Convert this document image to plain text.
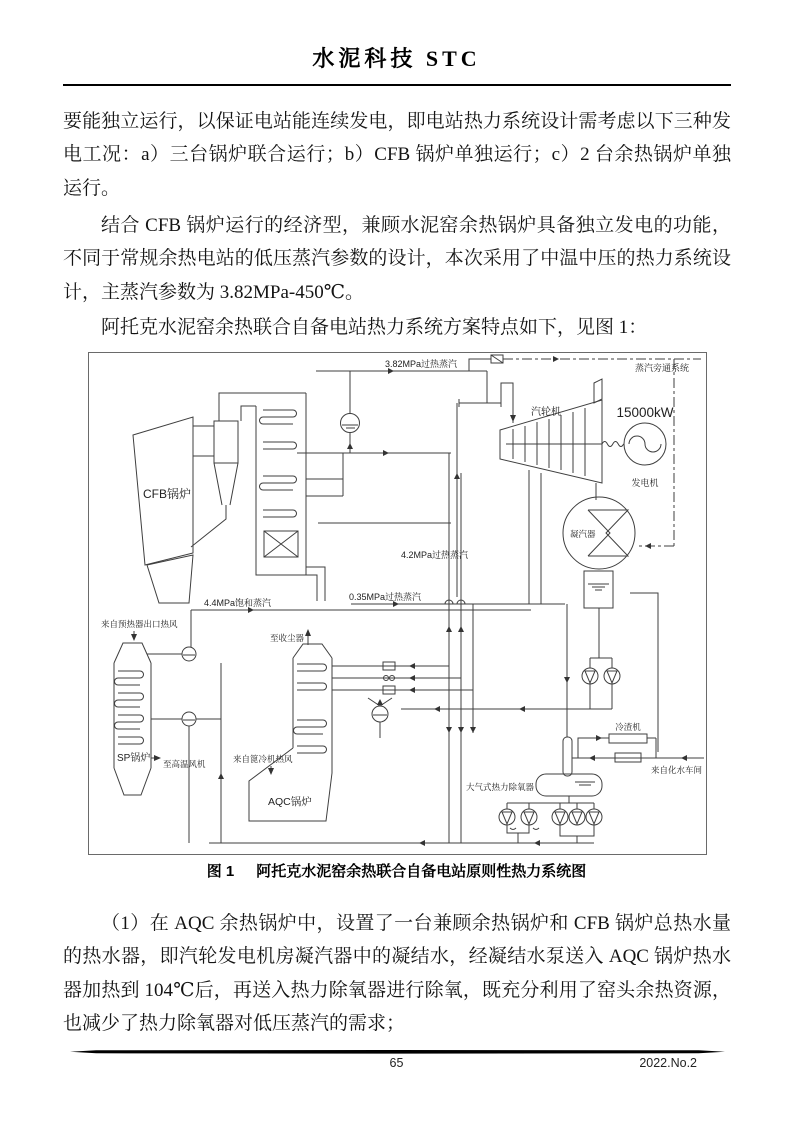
水泥科技 STC

要能独立运行，以保证电站能连续发电，即电站热力系统设计需考虑以下三种发电工况：a）三台锅炉联合运行；b）CFB 锅炉单独运行；c）2 台余热锅炉单独运行。

结合 CFB 锅炉运行的经济型，兼顾水泥窑余热锅炉具备独立发电的功能，不同于常规余热电站的低压蒸汽参数的设计，本次采用了中温中压的热力系统设计，主蒸汽参数为 3.82MPa-450℃。

阿托克水泥窑余热联合自备电站热力系统方案特点如下，见图 1：

CFB锅炉
3.82MPa过热蒸汽	蒸汽旁通系统
4.2MPa过热蒸汽
汽轮机	15000kW
发电机
凝汽器
0.35MPa过热蒸汽
4.4MPa饱和蒸汽
来自预热器出口热风
SP锅炉 至高温风机
至收尘器
AQC锅炉
来自篦冷机热风
大气式热力除氧器
冷渣机
来自化水车间
图 1 阿托克水泥窑余热联合自备电站原则性热力系统图

（1）在 AQC 余热锅炉中，设置了一台兼顾余热锅炉和 CFB 锅炉总热水量的热水器，即汽轮发电机房凝汽器中的凝结水，经凝结水泵送入 AQC 锅炉热水器加热到 104℃后，再送入热力除氧器进行除氧，既充分利用了窑头余热资源，也减少了热力除氧器对低压蒸汽的需求；

65	2022.No.2
